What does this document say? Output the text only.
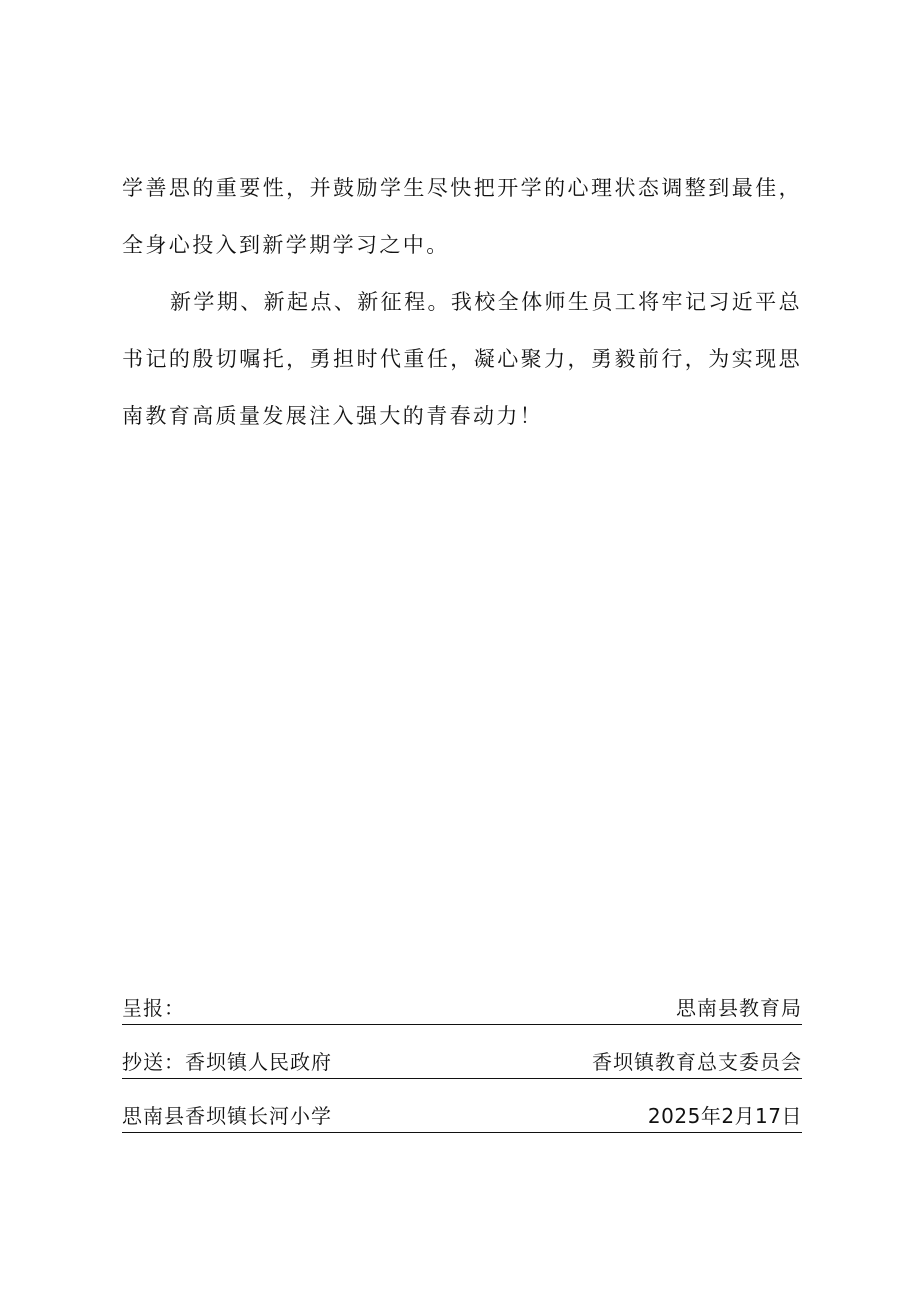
学善思的重要性，并鼓励学生尽快把开学的心理状态调整到最佳，全身心投入到新学期学习之中。

新学期、新起点、新征程。我校全体师生员工将牢记习近平总书记的殷切嘱托，勇担时代重任，凝心聚力，勇毅前行，为实现思南教育高质量发展注入强大的青春动力！

呈报：	思南县教育局
抄送：香坝镇人民政府	香坝镇教育总支委员会
思南县香坝镇长河小学	2025年2月17日
